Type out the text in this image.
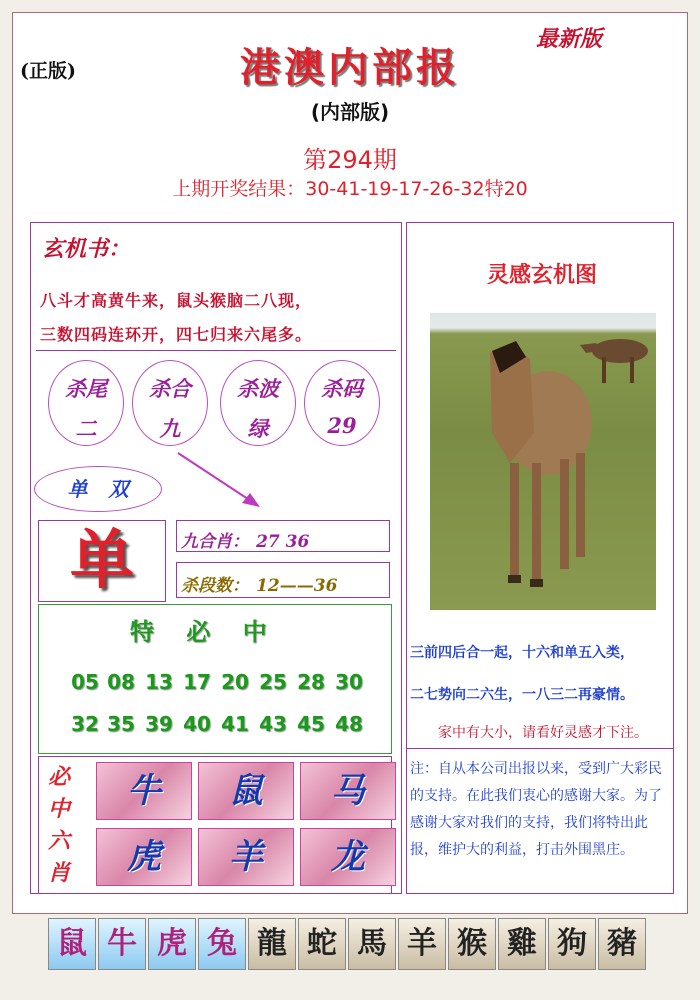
(正版)
最新版
港澳内部报
(内部版)
第294期
上期开奖结果：30-41-19-17-26-32特20
玄机书：
八斗才高黄牛来，鼠头猴脑二八现，
三数四码连环开，四七归来六尾多。
杀尾
二
杀合
九
杀波
绿
杀码
29
单 双
单	九合肖： 27 36
杀段数： 12——36
特 必 中
05 08 13 17 20 25 28 30
32 35 39 40 41 43 45 48
必
中
六
肖
牛	鼠	马
虎	羊	龙
灵感玄机图
三前四后合一起，十六和单五入类，
二七势向二六生，一八三二再豪情。
家中有大小，请看好灵感才下注。
注：自从本公司出报以来，受到广大彩民的支持。在此我们衷心的感谢大家。为了感谢大家对我们的支持，我们将特出此报，维护大的利益，打击外围黑庄。
鼠 牛 虎 兔 龍 蛇 馬 羊 猴 雞 狗 豬
